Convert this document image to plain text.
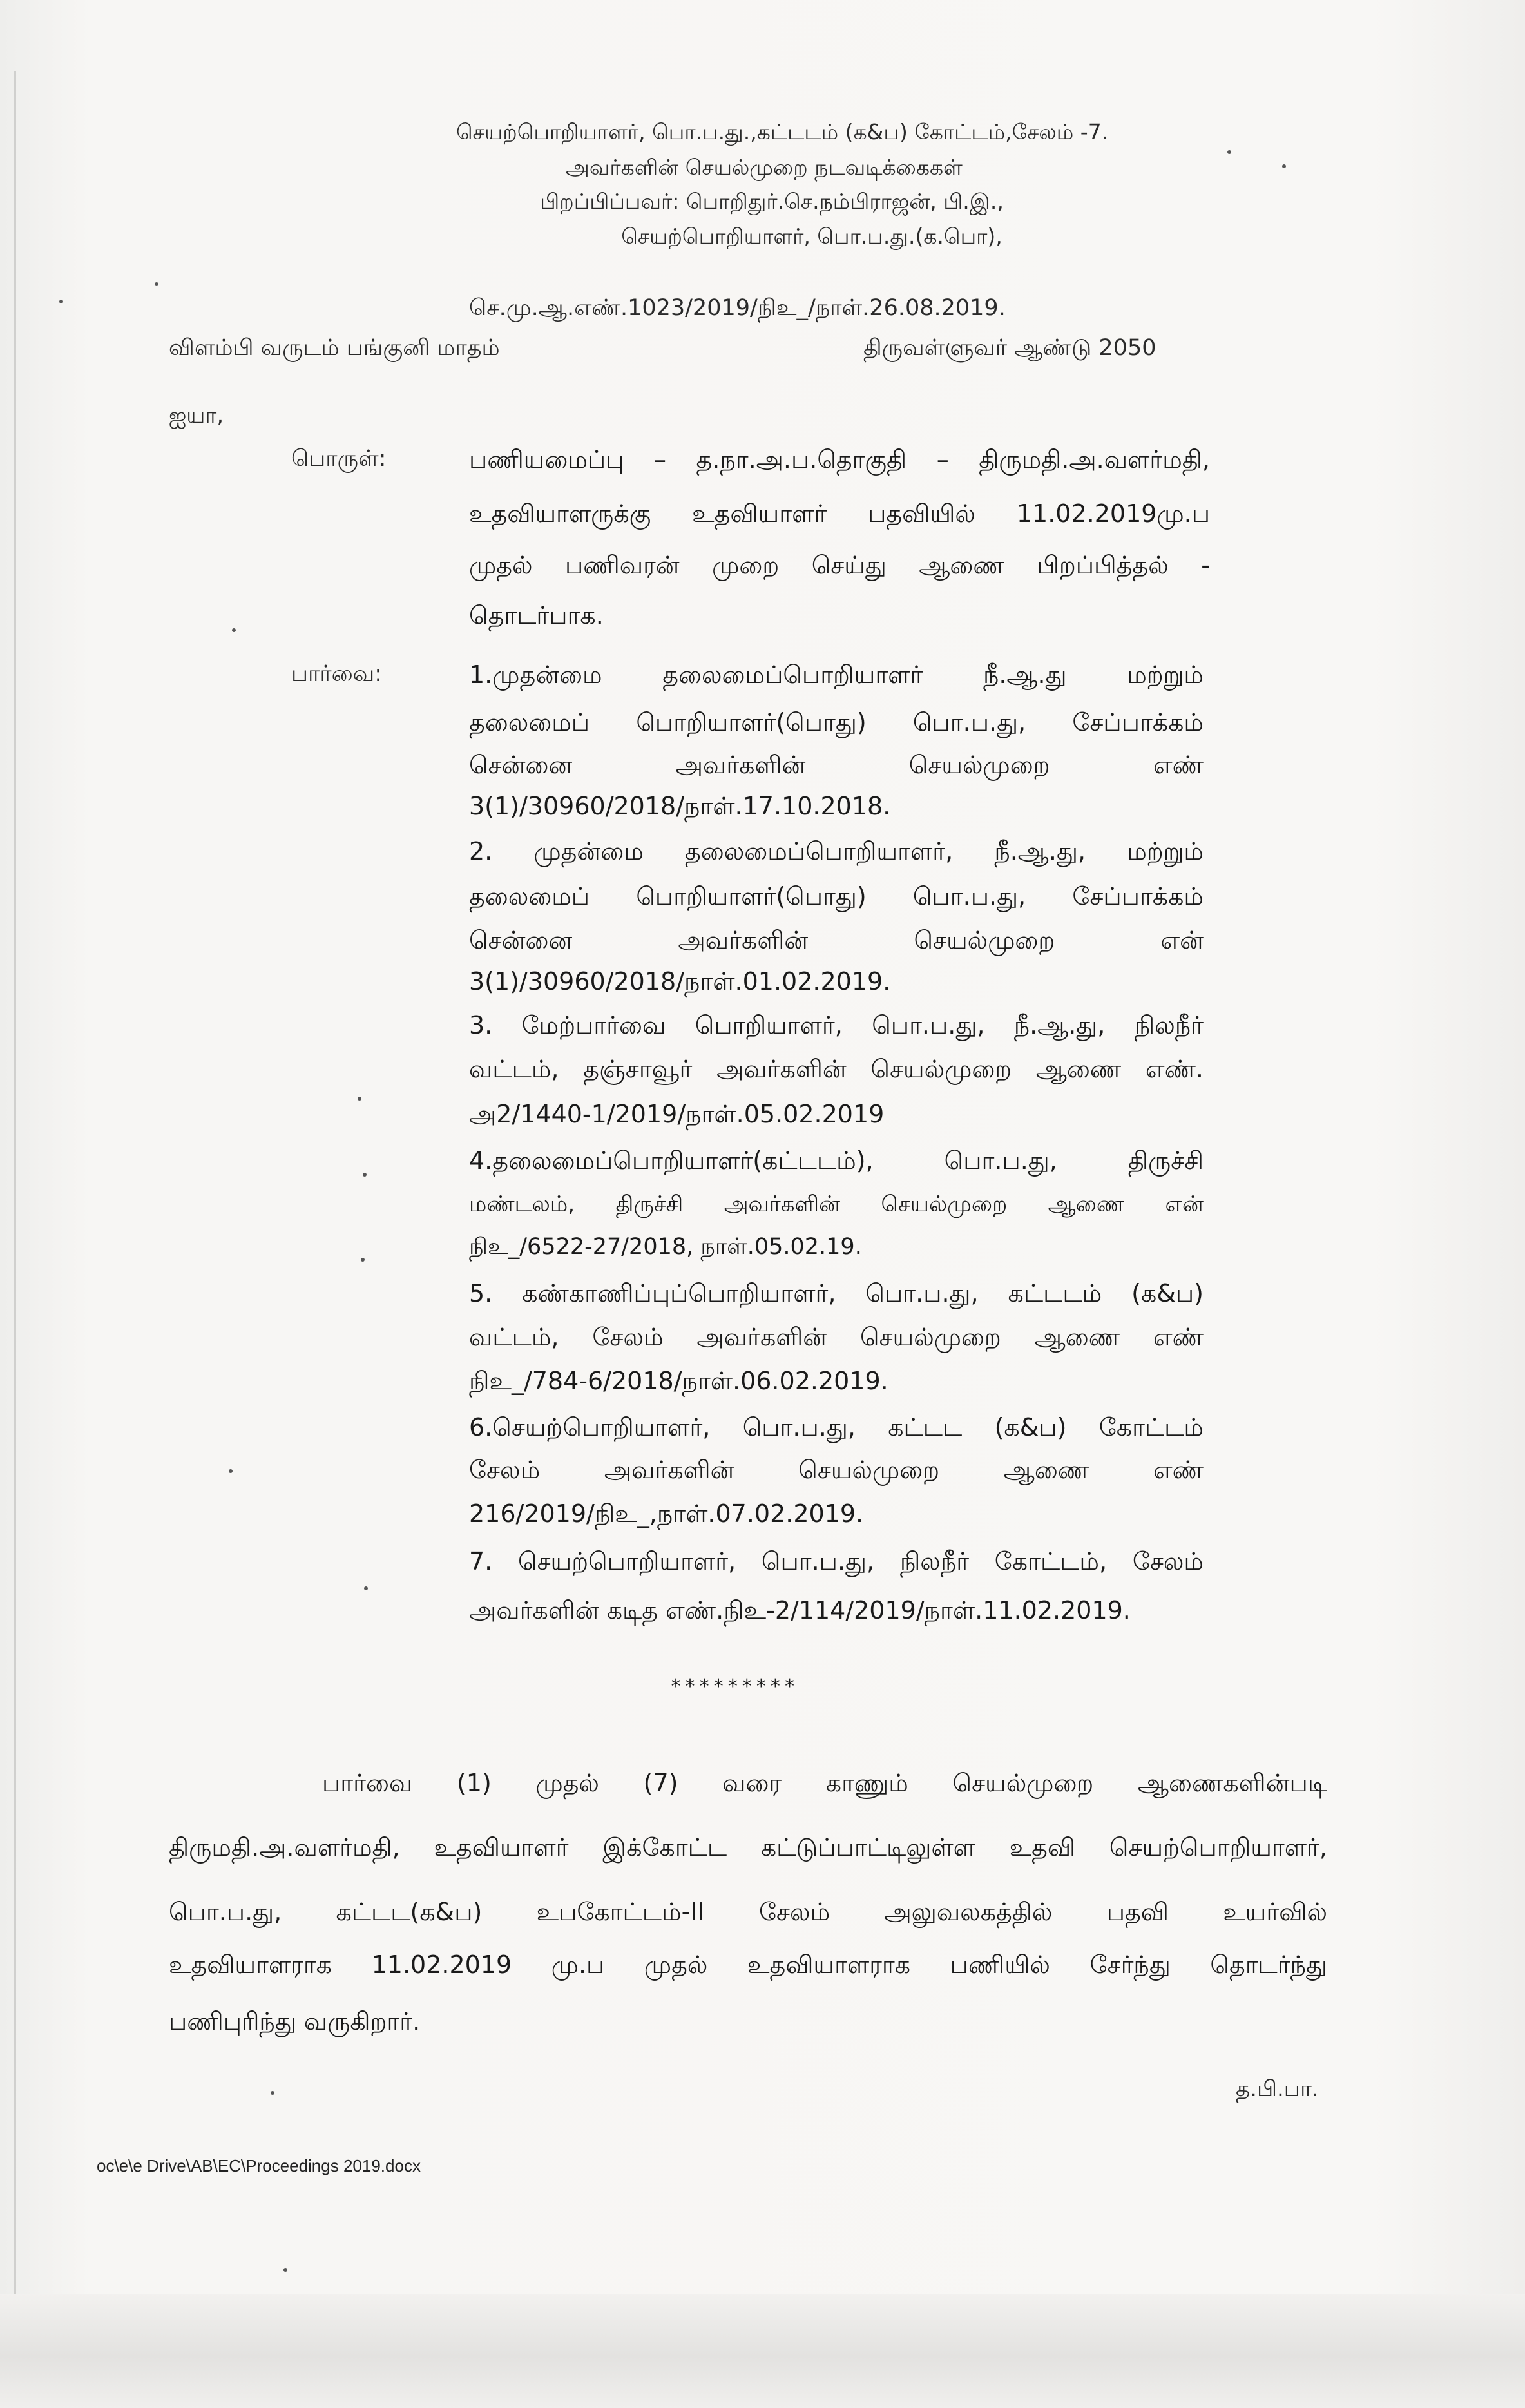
செயற்பொறியாளர், பொ.ப.து.,கட்டடம் (க&ப) கோட்டம்,சேலம் -7.
அவர்களின் செயல்முறை நடவடிக்கைகள்
பிறப்பிப்பவர்: பொறிதுர்.செ.நம்பிராஜன், பி.இ.,
செயற்பொறியாளர், பொ.ப.து.(க.பொ),
செ.மு.ஆ.எண்.1023/2019/நிஉ_/நாள்.26.08.2019.
விளம்பி வருடம் பங்குனி மாதம்	திருவள்ளுவர் ஆண்டு 2050
ஐயா,
பொருள்:	பணியமைப்பு – த.நா.அ.ப.தொகுதி – திருமதி.அ.வளர்மதி,
உதவியாளருக்கு உதவியாளர் பதவியில் 11.02.2019மு.ப
முதல் பணிவரன் முறை செய்து ஆணை பிறப்பித்தல் -
தொடர்பாக.
பார்வை:	1.முதன்மை தலைமைப்பொறியாளர் நீ.ஆ.து மற்றும்
தலைமைப் பொறியாளர்(பொது) பொ.ப.து, சேப்பாக்கம்
சென்னை அவர்களின் செயல்முறை எண்
3(1)/30960/2018/நாள்.17.10.2018.
2. முதன்மை தலைமைப்பொறியாளர், நீ.ஆ.து, மற்றும்
தலைமைப் பொறியாளர்(பொது) பொ.ப.து, சேப்பாக்கம்
சென்னை அவர்களின் செயல்முறை என்
3(1)/30960/2018/நாள்.01.02.2019.
3. மேற்பார்வை பொறியாளர், பொ.ப.து, நீ.ஆ.து, நிலநீர்
வட்டம், தஞ்சாவூர் அவர்களின் செயல்முறை ஆணை எண்.
அ2/1440-1/2019/நாள்.05.02.2019
4.தலைமைப்பொறியாளர்(கட்டடம்), பொ.ப.து, திருச்சி
மண்டலம், திருச்சி அவர்களின் செயல்முறை ஆணை என்
நிஉ_/6522-27/2018, நாள்.05.02.19.
5. கண்காணிப்புப்பொறியாளர், பொ.ப.து, கட்டடம் (க&ப)
வட்டம், சேலம் அவர்களின் செயல்முறை ஆணை எண்
நிஉ_/784-6/2018/நாள்.06.02.2019.
6.செயற்பொறியாளர், பொ.ப.து, கட்டட (க&ப) கோட்டம்
சேலம் அவர்களின் செயல்முறை ஆணை எண்
216/2019/நிஉ_,நாள்.07.02.2019.
7. செயற்பொறியாளர், பொ.ப.து, நிலநீர் கோட்டம், சேலம்
அவர்களின் கடித எண்.நிஉ-2/114/2019/நாள்.11.02.2019.
*********
பார்வை (1) முதல் (7) வரை காணும் செயல்முறை ஆணைகளின்படி
திருமதி.அ.வளர்மதி, உதவியாளர் இக்கோட்ட கட்டுப்பாட்டிலுள்ள உதவி செயற்பொறியாளர்,
பொ.ப.து, கட்டட(க&ப) உபகோட்டம்-II சேலம் அலுவலகத்தில் பதவி உயர்வில்
உதவியாளராக 11.02.2019 மு.ப முதல் உதவியாளராக பணியில் சேர்ந்து தொடர்ந்து
பணிபுரிந்து வருகிறார்.
த.பி.பா.
oc\e\e Drive\AB\EC\Proceedings 2019.docx
